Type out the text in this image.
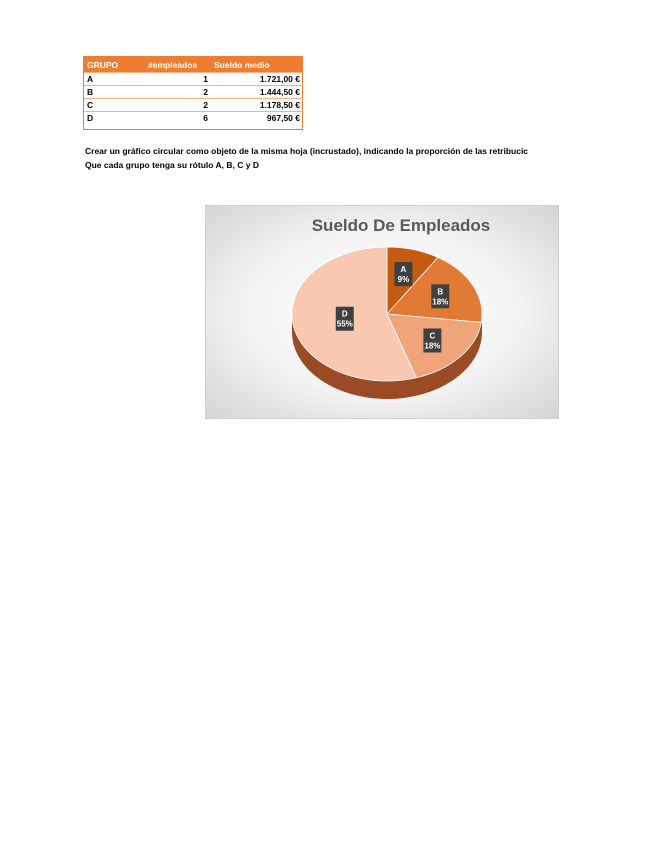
GRUPO	#empleados	Sueldo medio
A	1	1.721,00 €
B	2	1.444,50 €
C	2	1.178,50 €
D	6	967,50 €
Crear un gráfico circular como objeto de la misma hoja (incrustado), indicando la proporción de las retribucic
Que cada grupo tenga su rótulo A, B, C y D
Sueldo De Empleados
A
9%
B
18%
C
18%
D
55%
